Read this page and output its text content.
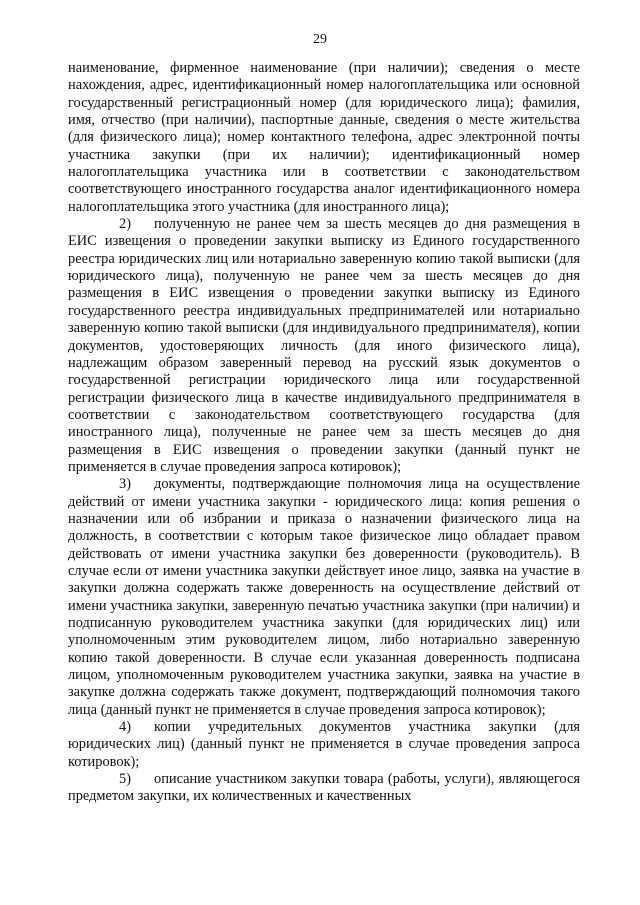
29

наименование, фирменное наименование (при наличии); сведения о месте нахождения, адрес, идентификационный номер налогоплательщика или основной государственный регистрационный номер (для юридического лица); фамилия, имя, отчество (при наличии), паспортные данные, сведения о месте жительства (для физического лица); номер контактного телефона, адрес электронной почты участника закупки (при их наличии); идентификационный номер налогоплательщика участника или в соответствии с законодательством соответствующего иностранного государства аналог идентификационного номера налогоплательщика этого участника (для иностранного лица);

2) полученную не ранее чем за шесть месяцев до дня размещения в ЕИС извещения о проведении закупки выписку из Единого государственного реестра юридических лиц или нотариально заверенную копию такой выписки (для юридического лица), полученную не ранее чем за шесть месяцев до дня размещения в ЕИС извещения о проведении закупки выписку из Единого государственного реестра индивидуальных предпринимателей или нотариально заверенную копию такой выписки (для индивидуального предпринимателя), копии документов, удостоверяющих личность (для иного физического лица), надлежащим образом заверенный перевод на русский язык документов о государственной регистрации юридического лица или государственной регистрации физического лица в качестве индивидуального предпринимателя в соответствии с законодательством соответствующего государства (для иностранного лица), полученные не ранее чем за шесть месяцев до дня размещения в ЕИС извещения о проведении закупки (данный пункт не применяется в случае проведения запроса котировок);

3) документы, подтверждающие полномочия лица на осуществление действий от имени участника закупки - юридического лица: копия решения о назначении или об избрании и приказа о назначении физического лица на должность, в соответствии с которым такое физическое лицо обладает правом действовать от имени участника закупки без доверенности (руководитель). В случае если от имени участника закупки действует иное лицо, заявка на участие в закупки должна содержать также доверенность на осуществление действий от имени участника закупки, заверенную печатью участника закупки (при наличии) и подписанную руководителем участника закупки (для юридических лиц) или уполномоченным этим руководителем лицом, либо нотариально заверенную копию такой доверенности. В случае если указанная доверенность подписана лицом, уполномоченным руководителем участника закупки, заявка на участие в закупке должна содержать также документ, подтверждающий полномочия такого лица (данный пункт не применяется в случае проведения запроса котировок);

4) копии учредительных документов участника закупки (для юридических лиц) (данный пункт не применяется в случае проведения запроса котировок);

5) описание участником закупки товара (работы, услуги), являющегося предметом закупки, их количественных и качественных
